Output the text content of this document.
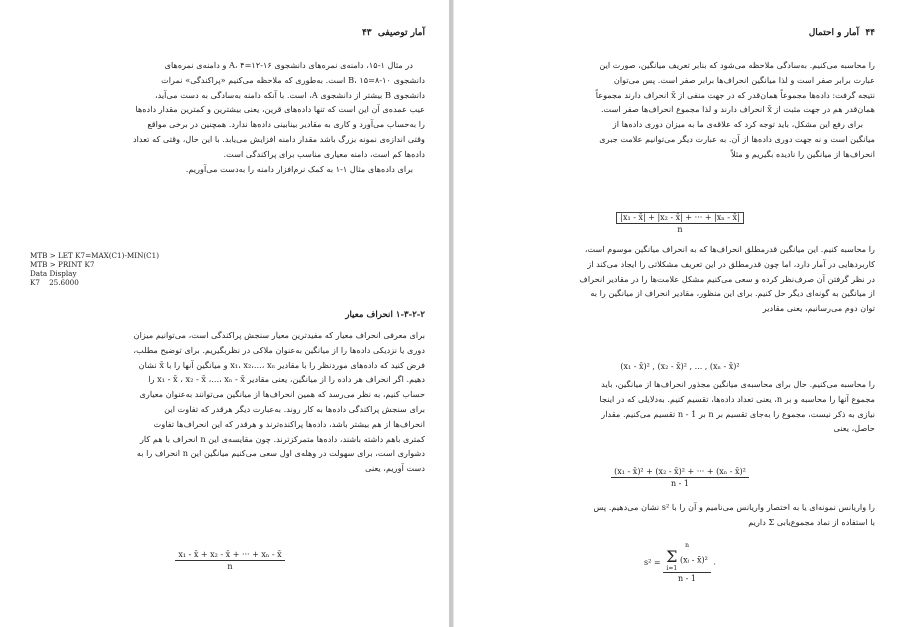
آمار توصیفی  ۴۳

در مثال ۱-۱۵، دامنه‌ی نمره‌های دانشجوی A، ۴=۱۲-۱۶ و دامنه‌ی نمره‌های

دانشجوی B، ۱۵=۸-۱۰ است. به‌طوری که ملاحظه می‌کنیم «پراکندگی» نمرات

دانشجوی B بیشتر از دانشجوی A، است. با آنکه دامنه به‌سادگی به دست می‌آید،

عیب عمده‌ی آن این است که تنها داده‌های قرین، یعنی بیشترین و کمترین مقدار داده‌ها

را به‌حساب می‌آورد و کاری به مقادیر بینابینی داده‌ها ندارد. همچنین در برخی مواقع

وقتی اندازه‌ی نمونه بزرگ باشد مقدار دامنه افزایش می‌یابد. با این حال، وقتی که تعداد

داده‌ها کم است، دامنه معیاری مناسب برای پراکندگی است.

برای داده‌های مثال ۱-۱ به کمک نرم‌افزار دامنه را به‌دست می‌آوریم.

MTB > LET K7=MAX(C1)-MIN(C1)
MTB > PRINT K7
Data Display
K7    25.6000
۱-۳-۲-۲ انحراف معیار

برای معرفی انحراف معیار که مفیدترین معیار سنجش پراکندگی است، می‌توانیم میزان

دوری یا نزدیکی داده‌ها را از میانگین به‌عنوان ملاکی در نظربگیریم. برای توضیح مطلب،

فرض کنید که داده‌های موردنظر را با مقادیر x₁، x₂،...، xₙ و میانگین آنها را با x̄ نشان

دهیم. اگر انحراف هر داده را از میانگین، یعنی مقادیر x₁ - x̄ ، x₂ - x̄ ،...، xₙ - x̄ را

حساب کنیم، به نظر می‌رسد که همین انحراف‌ها از میانگین می‌توانند به‌عنوان معیاری

برای سنجش پراکندگی داده‌ها به کار روند. به‌عبارت دیگر هرقدر که تفاوت این

انحراف‌ها از هم بیشتر باشد، داده‌ها پراکنده‌ترند و هرقدر که این انحراف‌ها تفاوت

کمتری باهم داشته باشند، داده‌ها متمرکزترند. چون مقایسه‌ی این n انحراف با هم کار

دشواری است، برای سهولت در وهله‌ی اول سعی می‌کنیم میانگین این n انحراف را به

دست آوریم، یعنی

$\frac{\text{x₁ - x̄ + x₂ - x̄ + ··· + xₙ - x̄}}{n}$
۴۴  آمار و احتمال

را محاسبه می‌کنیم. به‌سادگی ملاحظه می‌شود که بنابر تعریف میانگین، صورت این

عبارت برابر صفر است و لذا میانگین انحراف‌ها برابر صفر است. پس می‌توان

نتیجه گرفت: داده‌ها مجموعاً همان‌قدر که در جهت منفی از x̄ انحراف دارند مجموعاً

همان‌قدر هم در جهت مثبت از x̄ انحراف دارند و لذا مجموع انحراف‌ها صفر است.

برای رفع این مشکل، باید توجه کرد که علاقه‌ی ما به میزان دوری داده‌ها از

میانگین است و نه جهت دوری داده‌ها از آن. به عبارت دیگر می‌توانیم علامت جبری

انحراف‌ها از میانگین را نادیده بگیریم و مثلاً

$\frac{\text{|x₁ - x̄| + |x₂ - x̄| + ··· + |xₙ - x̄|}}{n}$

را محاسبه کنیم. این میانگین قدرمطلق انحراف‌ها که به انحراف میانگین موسوم است،

کاربردهایی در آمار دارد، اما چون قدرمطلق در این تعریف مشکلاتی را ایجاد می‌کند از

در نظر گرفتن آن صرف‌نظر کرده و سعی می‌کنیم مشکل علامت‌ها را در مقادیر انحراف

از میانگین به گونه‌ای دیگر حل کنیم. برای این منظور، مقادیر انحراف از میانگین را به

توان دوم می‌رسانیم، یعنی مقادیر

(x₁ - x̄)² , (x₂ - x̄)² , ... , (xₙ - x̄)²

را محاسبه می‌کنیم. حال برای محاسبه‌ی میانگین مجذور انحراف‌ها از میانگین، باید

مجموع آنها را محاسبه و بر n، یعنی تعداد داده‌ها، تقسیم کنیم. به‌دلایلی که در اینجا

نیازی به ذکر نیست، مجموع را به‌جای تقسیم بر n بر n - 1 تقسیم می‌کنیم. مقدار

حاصل، یعنی

$\frac{\text{(x₁ - x̄)² + (x₂ - x̄)² + ··· + (xₙ - x̄)²}}{n - 1}$

را واریانس نمونه‌ای یا به اختصار واریانس می‌نامیم و آن را با s² نشان می‌دهیم. پس

با استفاده از نماد مجموع‌یابی Σ داریم

s² =
n
Σ
i=1
(xᵢ - x̄)²
n - 1
.
